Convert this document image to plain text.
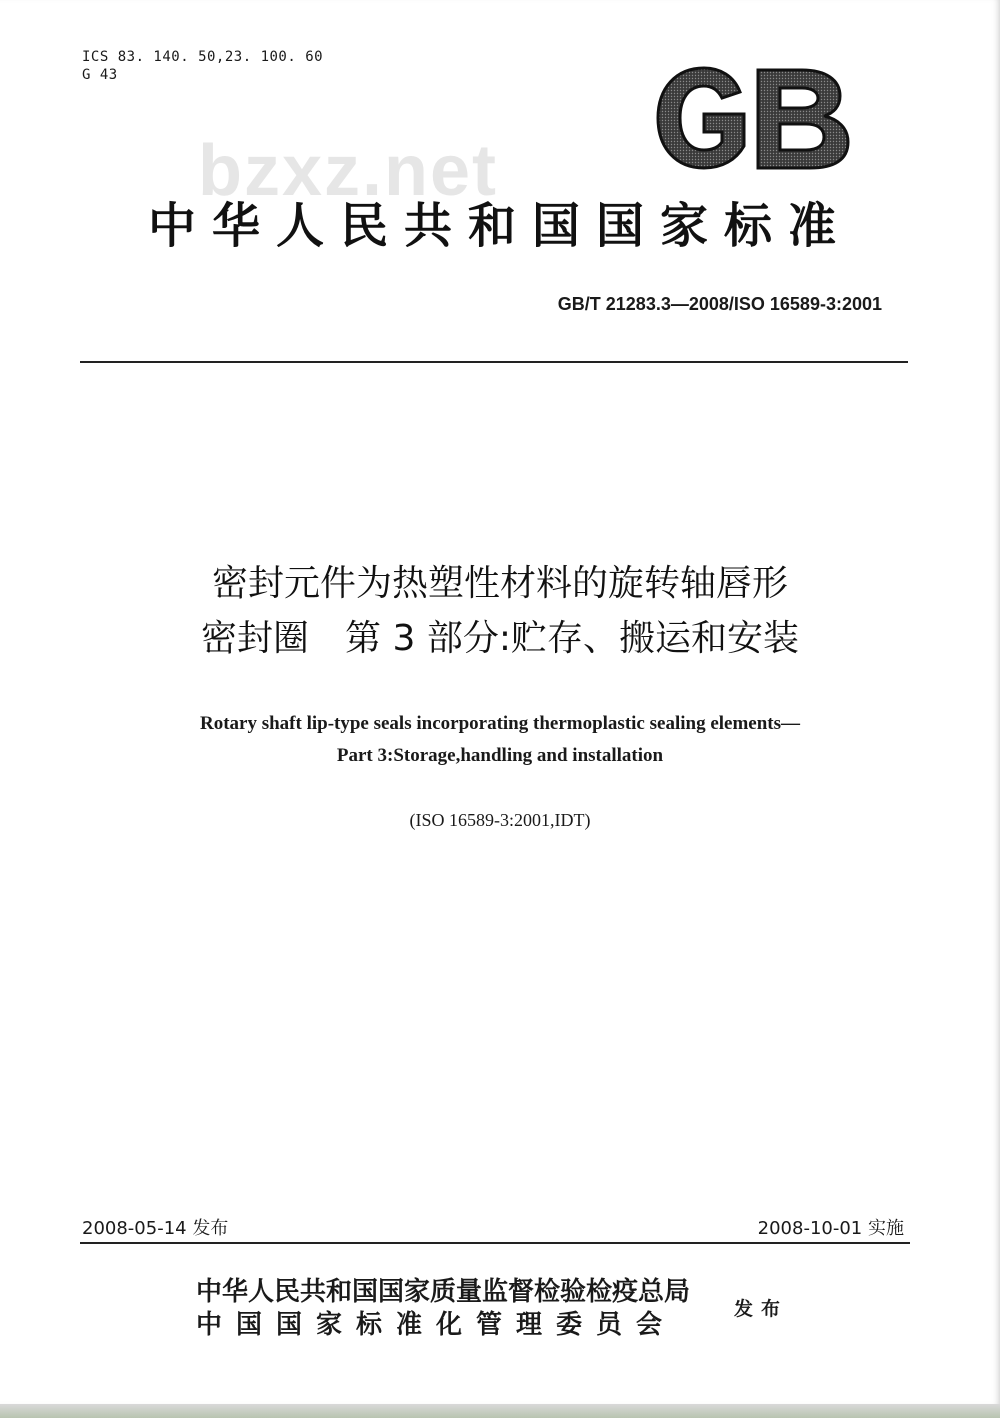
ICS 83. 140. 50,23. 100. 60
G 43
bzxz.net
中华人民共和国国家标准
GB/T 21283.3—2008/ISO 16589-3:2001
密封元件为热塑性材料的旋转轴唇形
密封圈　第 3 部分:贮存、搬运和安装
Rotary shaft lip-type seals incorporating thermoplastic sealing elements—
Part 3:Storage,handling and installation
(ISO 16589-3:2001,IDT)
2008-05-14 发布	2008-10-01 实施
中华人民共和国国家质量监督检验检疫总局
中国国家标准化管理委员会
发布
